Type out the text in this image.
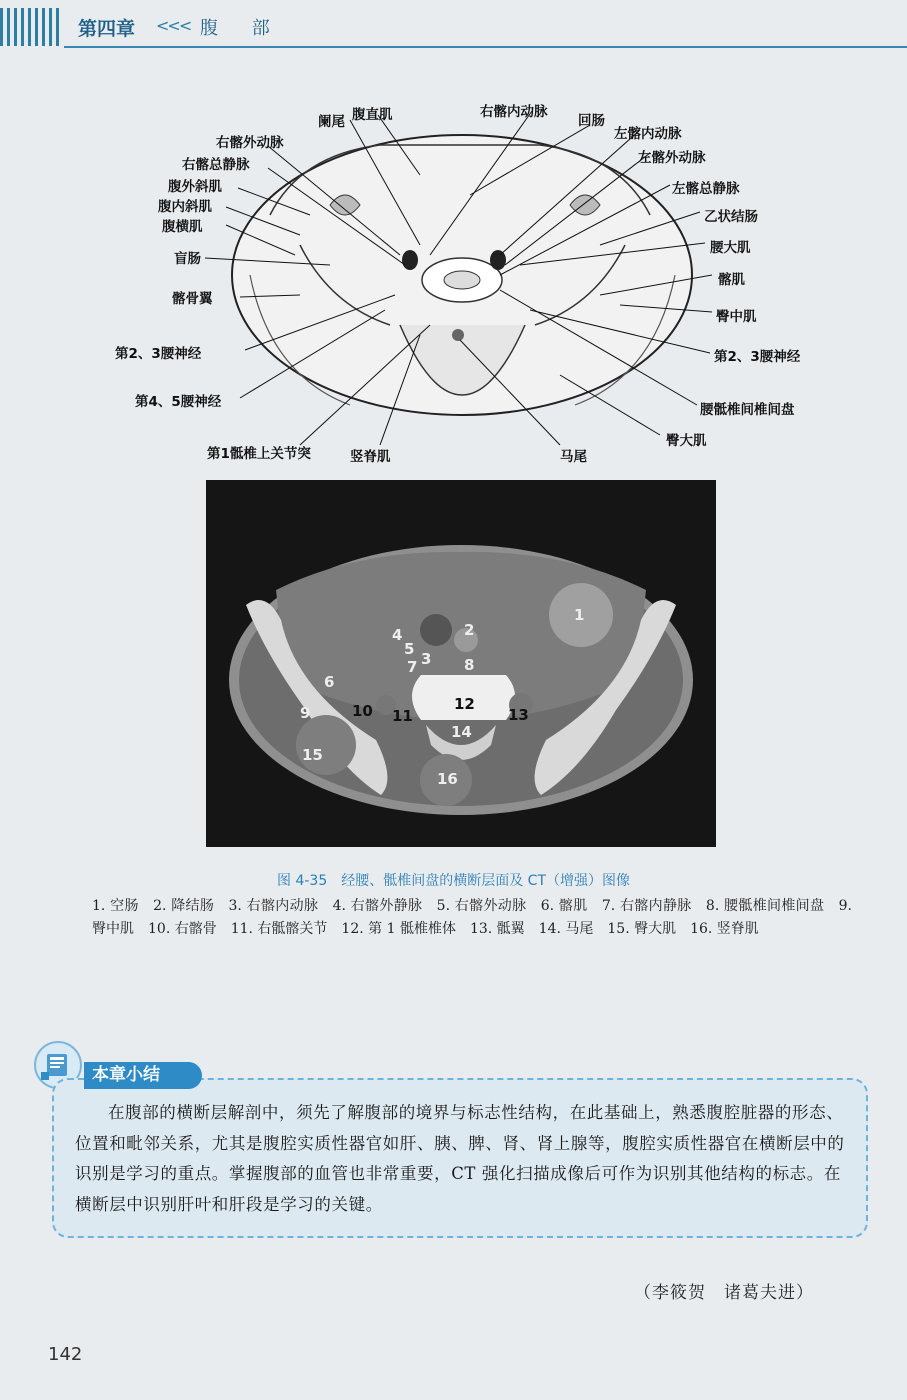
第四章 <<< 腹 部
右髂外动脉
右髂总静脉
腹外斜肌
腹内斜肌
腹横肌
盲肠
髂骨翼
第2、3腰神经
第4、5腰神经
第1骶椎上关节突
阑尾 腹直肌	右髂内动脉
回肠
左髂内动脉
左髂外动脉
左髂总静脉
乙状结肠
腰大肌
髂肌
臀中肌
第2、3腰神经
腰骶椎间椎间盘
臀大肌
竖脊肌	马尾
1
2
3
4
5
6
7	8
9	10 11
12
13
14
15
16
图 4-35　经腰、骶椎间盘的横断层面及 CT（增强）图像
1. 空肠　2. 降结肠　3. 右髂内动脉　4. 右髂外静脉　5. 右髂外动脉　6. 髂肌　7. 右髂内静脉　8. 腰骶椎间椎间盘　9. 臀中肌　10. 右髂骨　11. 右骶髂关节　12. 第 1 骶椎椎体　13. 骶翼　14. 马尾　15. 臀大肌　16. 竖脊肌
本章小结
在腹部的横断层解剖中，须先了解腹部的境界与标志性结构，在此基础上，熟悉腹腔脏器的形态、位置和毗邻关系，尤其是腹腔实质性器官如肝、胰、脾、肾、肾上腺等，腹腔实质性器官在横断层中的识别是学习的重点。掌握腹部的血管也非常重要，CT 强化扫描成像后可作为识别其他结构的标志。在横断层中识别肝叶和肝段是学习的关键。
（李筱贺　诸葛夫进）
142
